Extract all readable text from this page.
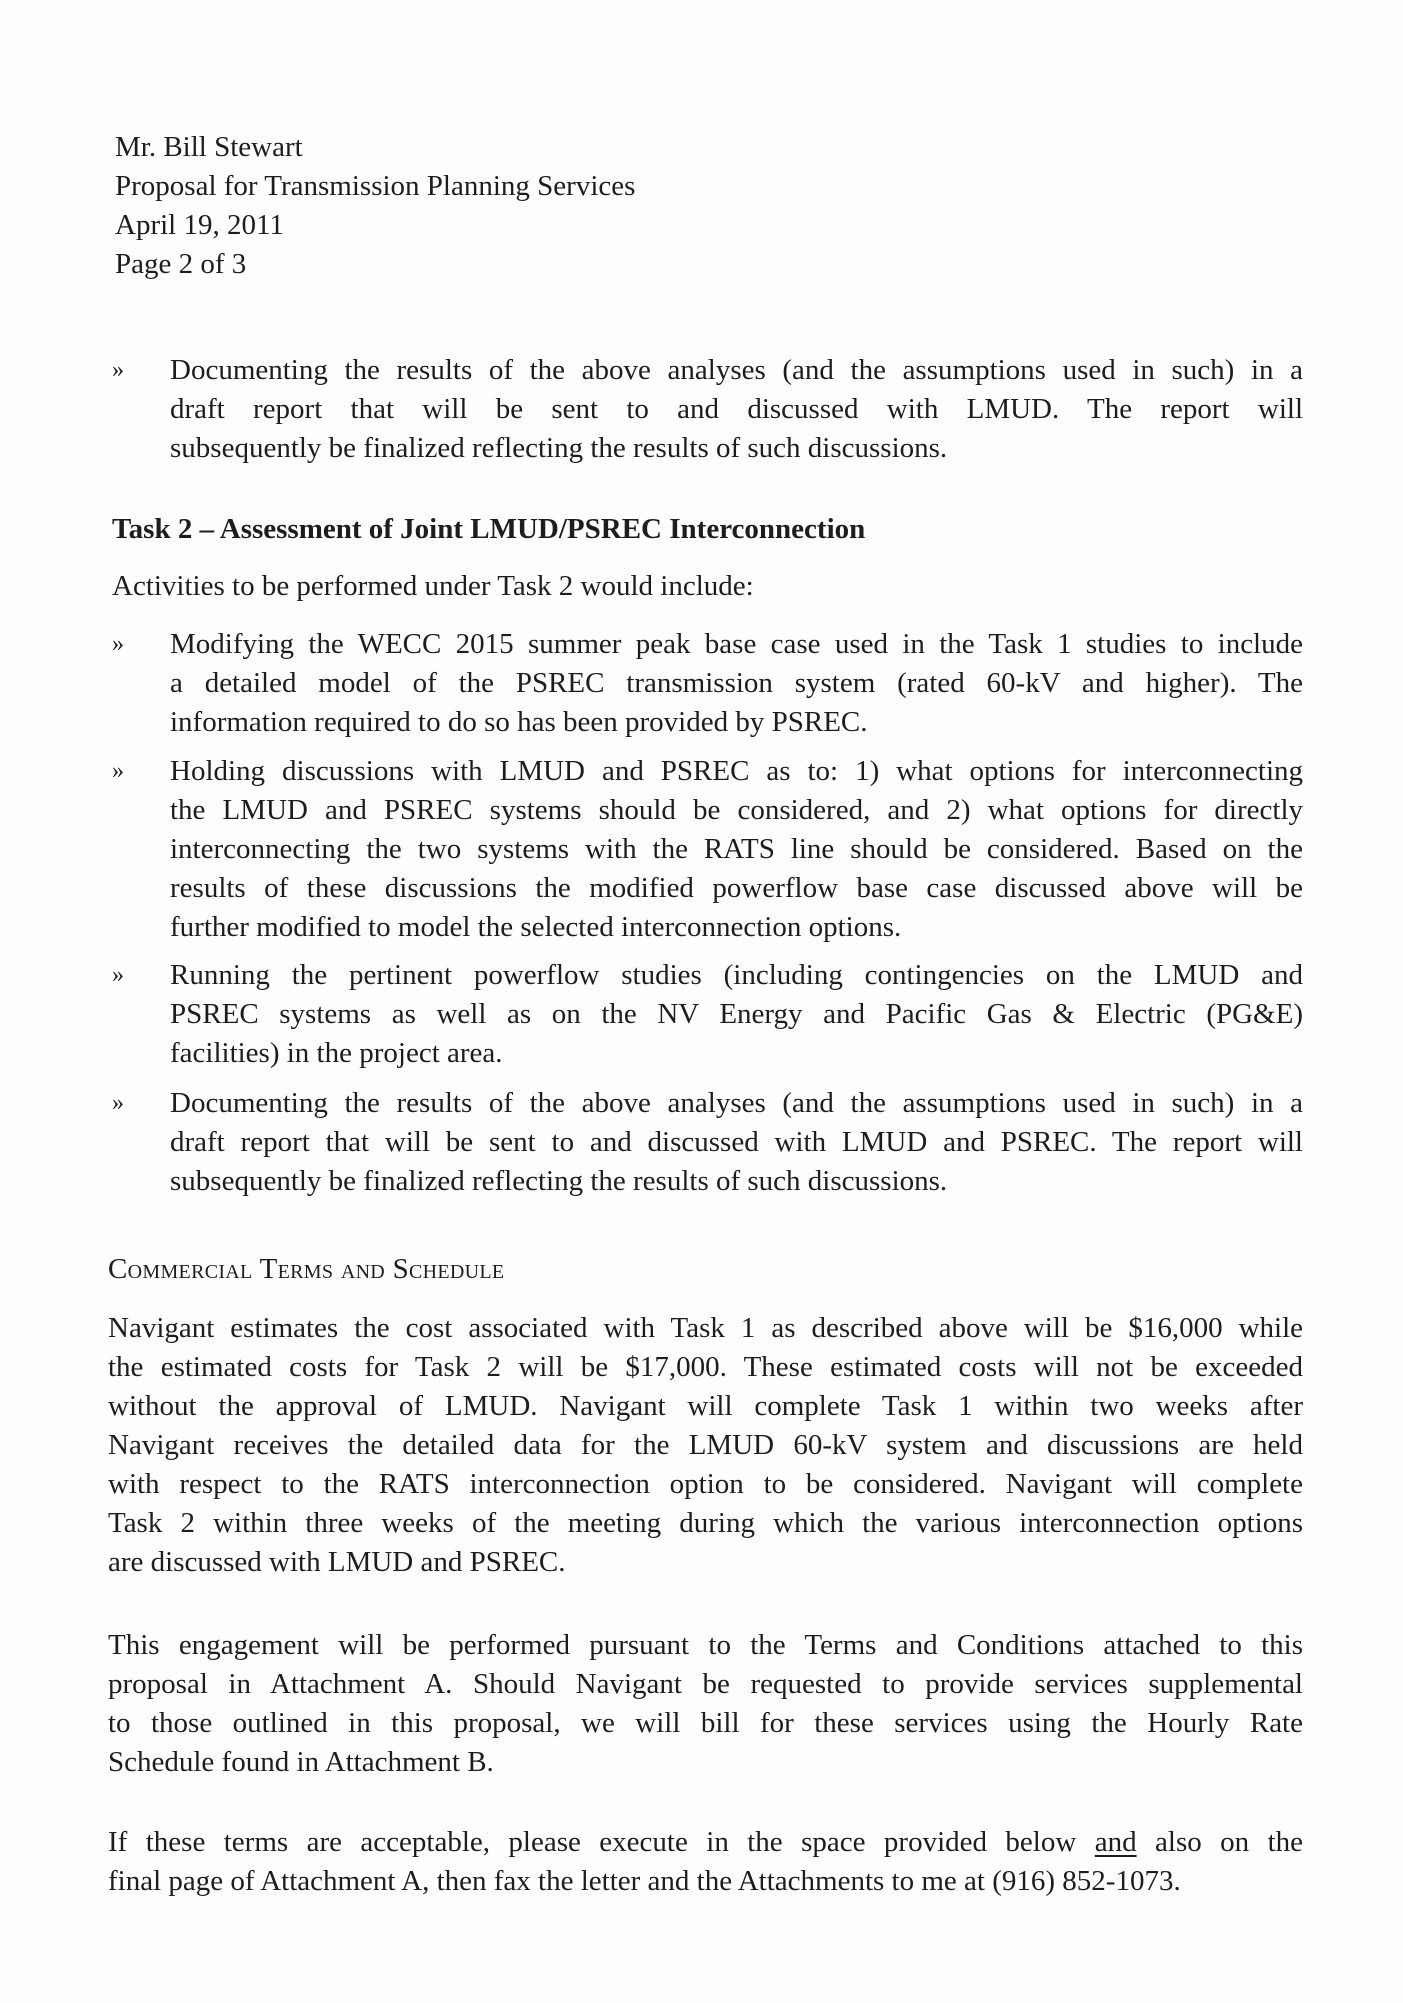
Mr. Bill Stewart
Proposal for Transmission Planning Services
April 19, 2011
Page 2 of 3
» Documenting the results of the above analyses (and the assumptions used in such) in a
draft report that will be sent to and discussed with LMUD. The report will
subsequently be finalized reflecting the results of such discussions.
Task 2 – Assessment of Joint LMUD/PSREC Interconnection
Activities to be performed under Task 2 would include:
» Modifying the WECC 2015 summer peak base case used in the Task 1 studies to include
a detailed model of the PSREC transmission system (rated 60-kV and higher). The
information required to do so has been provided by PSREC.
» Holding discussions with LMUD and PSREC as to: 1) what options for interconnecting
the LMUD and PSREC systems should be considered, and 2) what options for directly
interconnecting the two systems with the RATS line should be considered. Based on the
results of these discussions the modified powerflow base case discussed above will be
further modified to model the selected interconnection options.
» Running the pertinent powerflow studies (including contingencies on the LMUD and
PSREC systems as well as on the NV Energy and Pacific Gas & Electric (PG&E)
facilities) in the project area.
» Documenting the results of the above analyses (and the assumptions used in such) in a
draft report that will be sent to and discussed with LMUD and PSREC. The report will
subsequently be finalized reflecting the results of such discussions.
Commercial Terms and Schedule
Navigant estimates the cost associated with Task 1 as described above will be $16,000 while
the estimated costs for Task 2 will be $17,000. These estimated costs will not be exceeded
without the approval of LMUD. Navigant will complete Task 1 within two weeks after
Navigant receives the detailed data for the LMUD 60-kV system and discussions are held
with respect to the RATS interconnection option to be considered. Navigant will complete
Task 2 within three weeks of the meeting during which the various interconnection options
are discussed with LMUD and PSREC.
This engagement will be performed pursuant to the Terms and Conditions attached to this
proposal in Attachment A. Should Navigant be requested to provide services supplemental
to those outlined in this proposal, we will bill for these services using the Hourly Rate
Schedule found in Attachment B.
If these terms are acceptable, please execute in the space provided below and also on the
final page of Attachment A, then fax the letter and the Attachments to me at (916) 852-1073.
